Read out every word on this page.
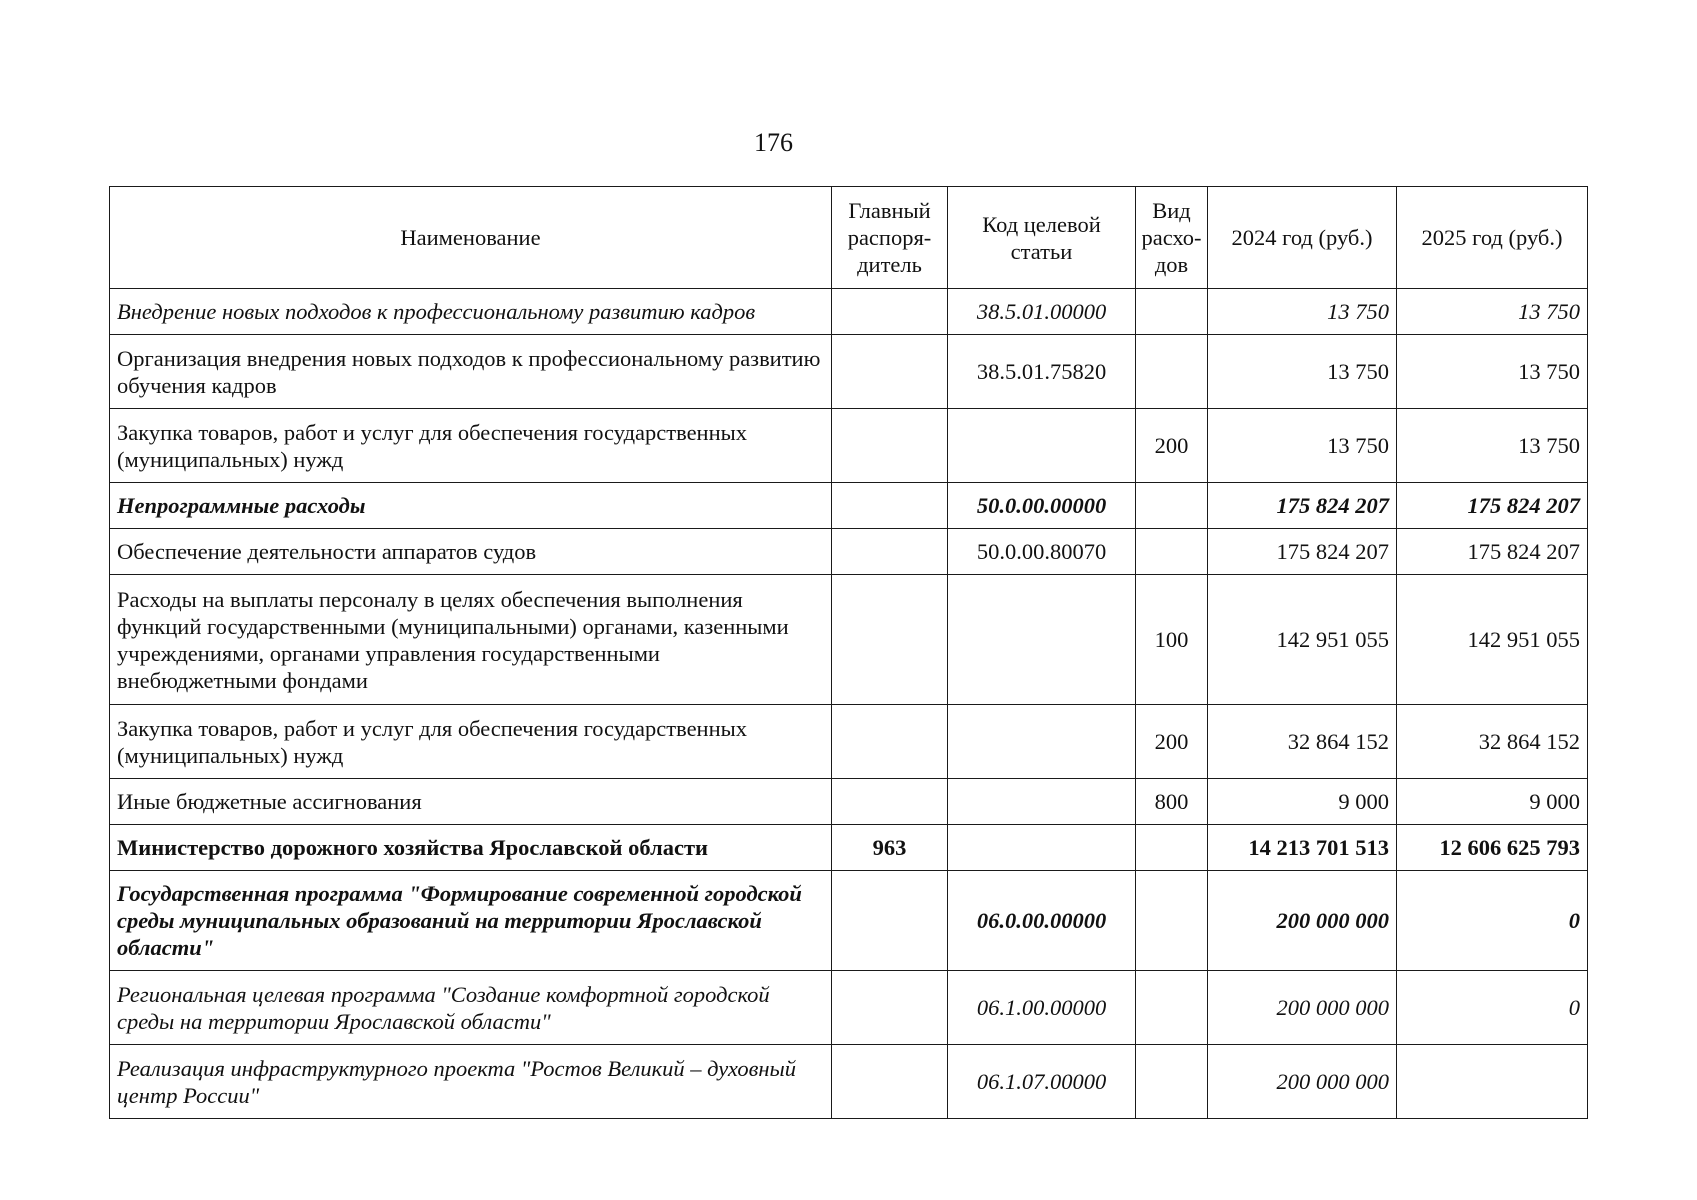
176
Наименование	Главный распоря-дитель	Код целевой статьи	Вид расхо-дов	2024 год (руб.)	2025 год (руб.)
Внедрение новых подходов к профессиональному развитию кадров		38.5.01.00000		13 750	13 750
Организация внедрения новых подходов к профессиональному развитию обучения кадров		38.5.01.75820		13 750	13 750
Закупка товаров, работ и услуг для обеспечения государственных (муниципальных) нужд			200	13 750	13 750
Непрограммные расходы		50.0.00.00000		175 824 207	175 824 207
Обеспечение деятельности аппаратов судов		50.0.00.80070		175 824 207	175 824 207
Расходы на выплаты персоналу в целях обеспечения выполнения функций государственными (муниципальными) органами, казенными учреждениями, органами управления государственными внебюджетными фондами			100	142 951 055	142 951 055
Закупка товаров, работ и услуг для обеспечения государственных (муниципальных) нужд			200	32 864 152	32 864 152
Иные бюджетные ассигнования			800	9 000	9 000
Министерство дорожного хозяйства Ярославской области	963			14 213 701 513	12 606 625 793
Государственная программа "Формирование современной городской среды муниципальных образований на территории Ярославской области"		06.0.00.00000		200 000 000	0
Региональная целевая программа "Создание комфортной городской среды на территории Ярославской области"		06.1.00.00000		200 000 000	0
Реализация инфраструктурного проекта "Ростов Великий – духовный центр России"		06.1.07.00000		200 000 000	
